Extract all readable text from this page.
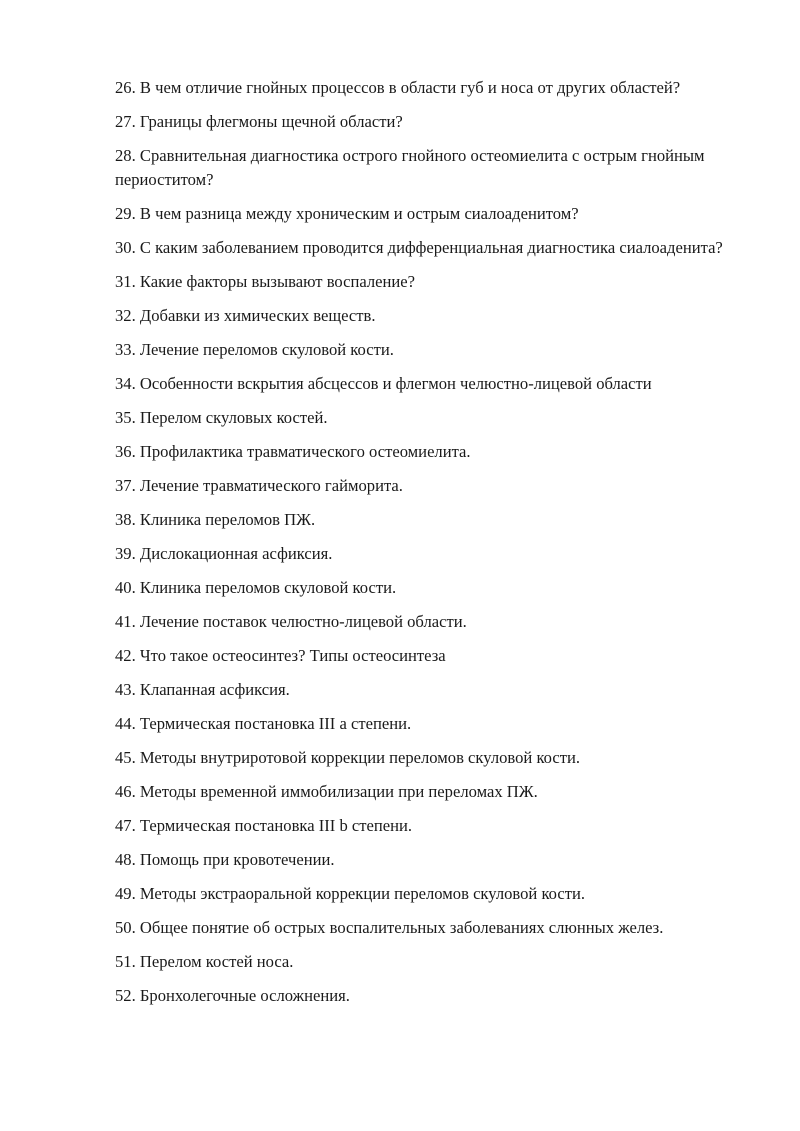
26. В чем отличие гнойных процессов в области губ и носа от других областей?
27. Границы флегмоны щечной области?
28. Сравнительная диагностика острого гнойного остеомиелита с острым гнойным периоститом?
29. В чем разница между хроническим и острым сиалоаденитом?
30. С каким заболеванием проводится дифференциальная диагностика сиалоаденита?
31. Какие факторы вызывают воспаление?
32. Добавки из химических веществ.
33. Лечение переломов скуловой кости.
34. Особенности вскрытия абсцессов и флегмон челюстно-лицевой области
35. Перелом скуловых костей.
36. Профилактика травматического остеомиелита.
37. Лечение травматического гайморита.
38. Клиника переломов ПЖ.
39. Дислокационная асфиксия.
40. Клиника переломов скуловой кости.
41. Лечение поставок челюстно-лицевой области.
42. Что такое остеосинтез? Типы остеосинтеза
43. Клапанная асфиксия.
44. Термическая постановка III a степени.
45. Методы внутриротовой коррекции переломов скуловой кости.
46. Методы временной иммобилизации при переломах ПЖ.
47. Термическая постановка III b степени.
48. Помощь при кровотечении.
49. Методы экстраоральной коррекции переломов скуловой кости.
50. Общее понятие об острых воспалительных заболеваниях слюнных желез.
51. Перелом костей носа.
52. Бронхолегочные осложнения.
